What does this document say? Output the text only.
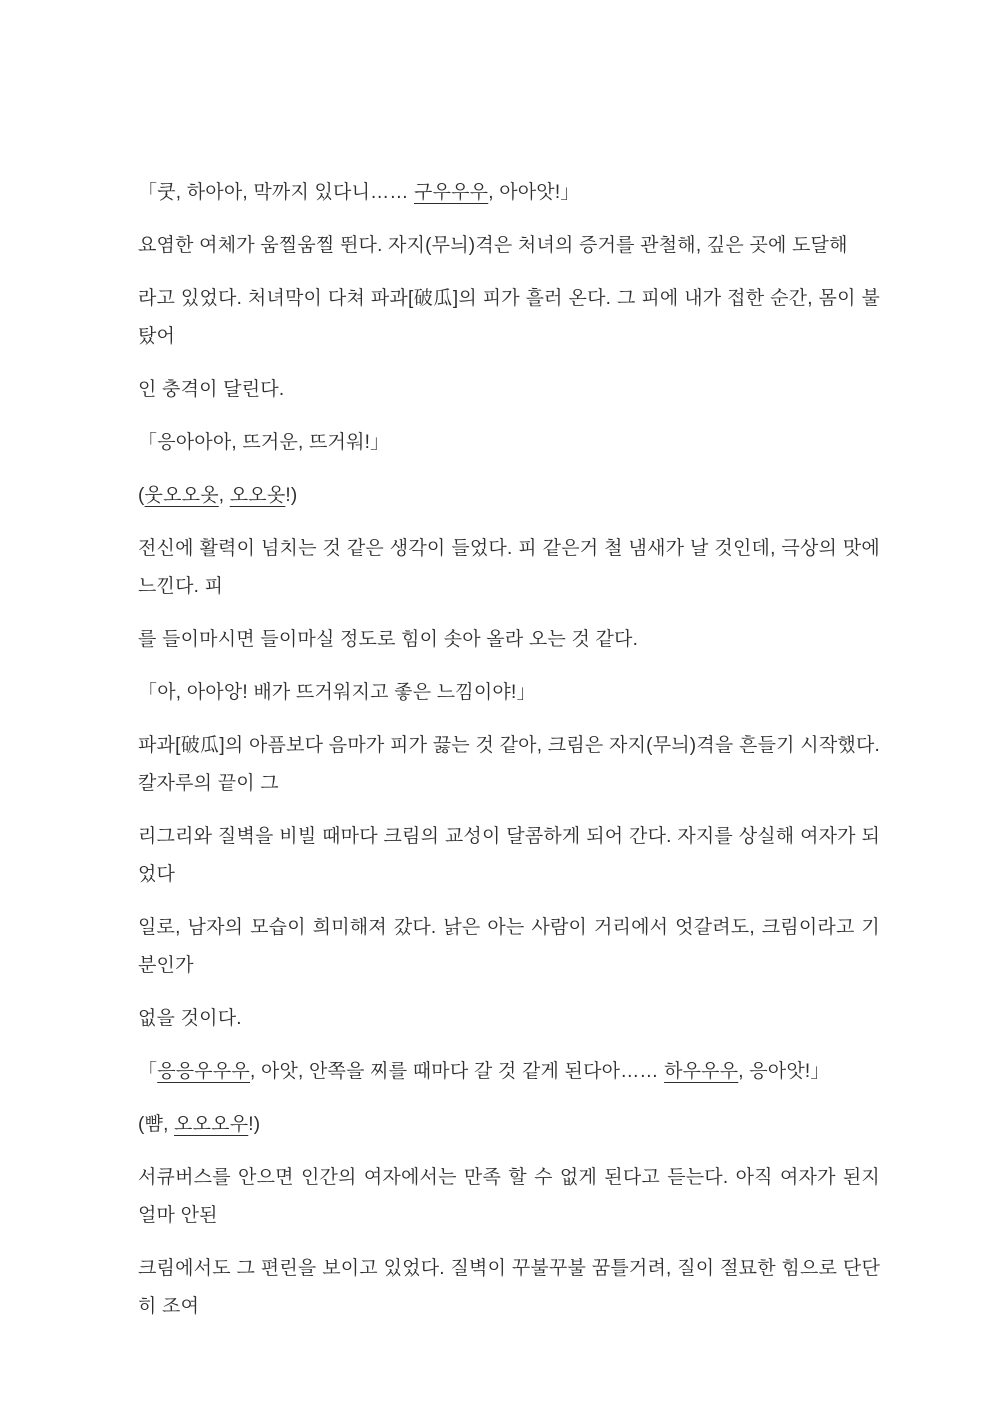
「쿳, 하아아, 막까지 있다니…… 구우우우, 아아앗!」

요염한 여체가 움찔움찔 뛴다. 자지(무늬)격은 처녀의 증거를 관철해, 깊은 곳에 도달해

라고 있었다. 처녀막이 다쳐 파과[破瓜]의 피가 흘러 온다. 그 피에 내가 접한 순간, 몸이 불탔어

인 충격이 달린다.

「응아아아, 뜨거운, 뜨거워!」

(웃오오옷, 오오옷!)

전신에 활력이 넘치는 것 같은 생각이 들었다. 피 같은거 철 냄새가 날 것인데, 극상의 맛에 느낀다. 피

를 들이마시면 들이마실 정도로 힘이 솟아 올라 오는 것 같다.

「아, 아아앙! 배가 뜨거워지고 좋은 느낌이야!」

파과[破瓜]의 아픔보다 음마가 피가 끓는 것 같아, 크림은 자지(무늬)격을 흔들기 시작했다. 칼자루의 끝이 그

리그리와 질벽을 비빌 때마다 크림의 교성이 달콤하게 되어 간다. 자지를 상실해 여자가 되었다

일로, 남자의 모습이 희미해져 갔다. 낡은 아는 사람이 거리에서 엇갈려도, 크림이라고 기분인가

없을 것이다.

「응응우우우, 아앗, 안쪽을 찌를 때마다 갈 것 같게 된다아…… 하우우우, 응아앗!」

(뺨, 오오오우!)

서큐버스를 안으면 인간의 여자에서는 만족 할 수 없게 된다고 듣는다. 아직 여자가 된지 얼마 안된

크림에서도 그 편린을 보이고 있었다. 질벽이 꾸불꾸불 꿈틀거려, 질이 절묘한 힘으로 단단히 조여
